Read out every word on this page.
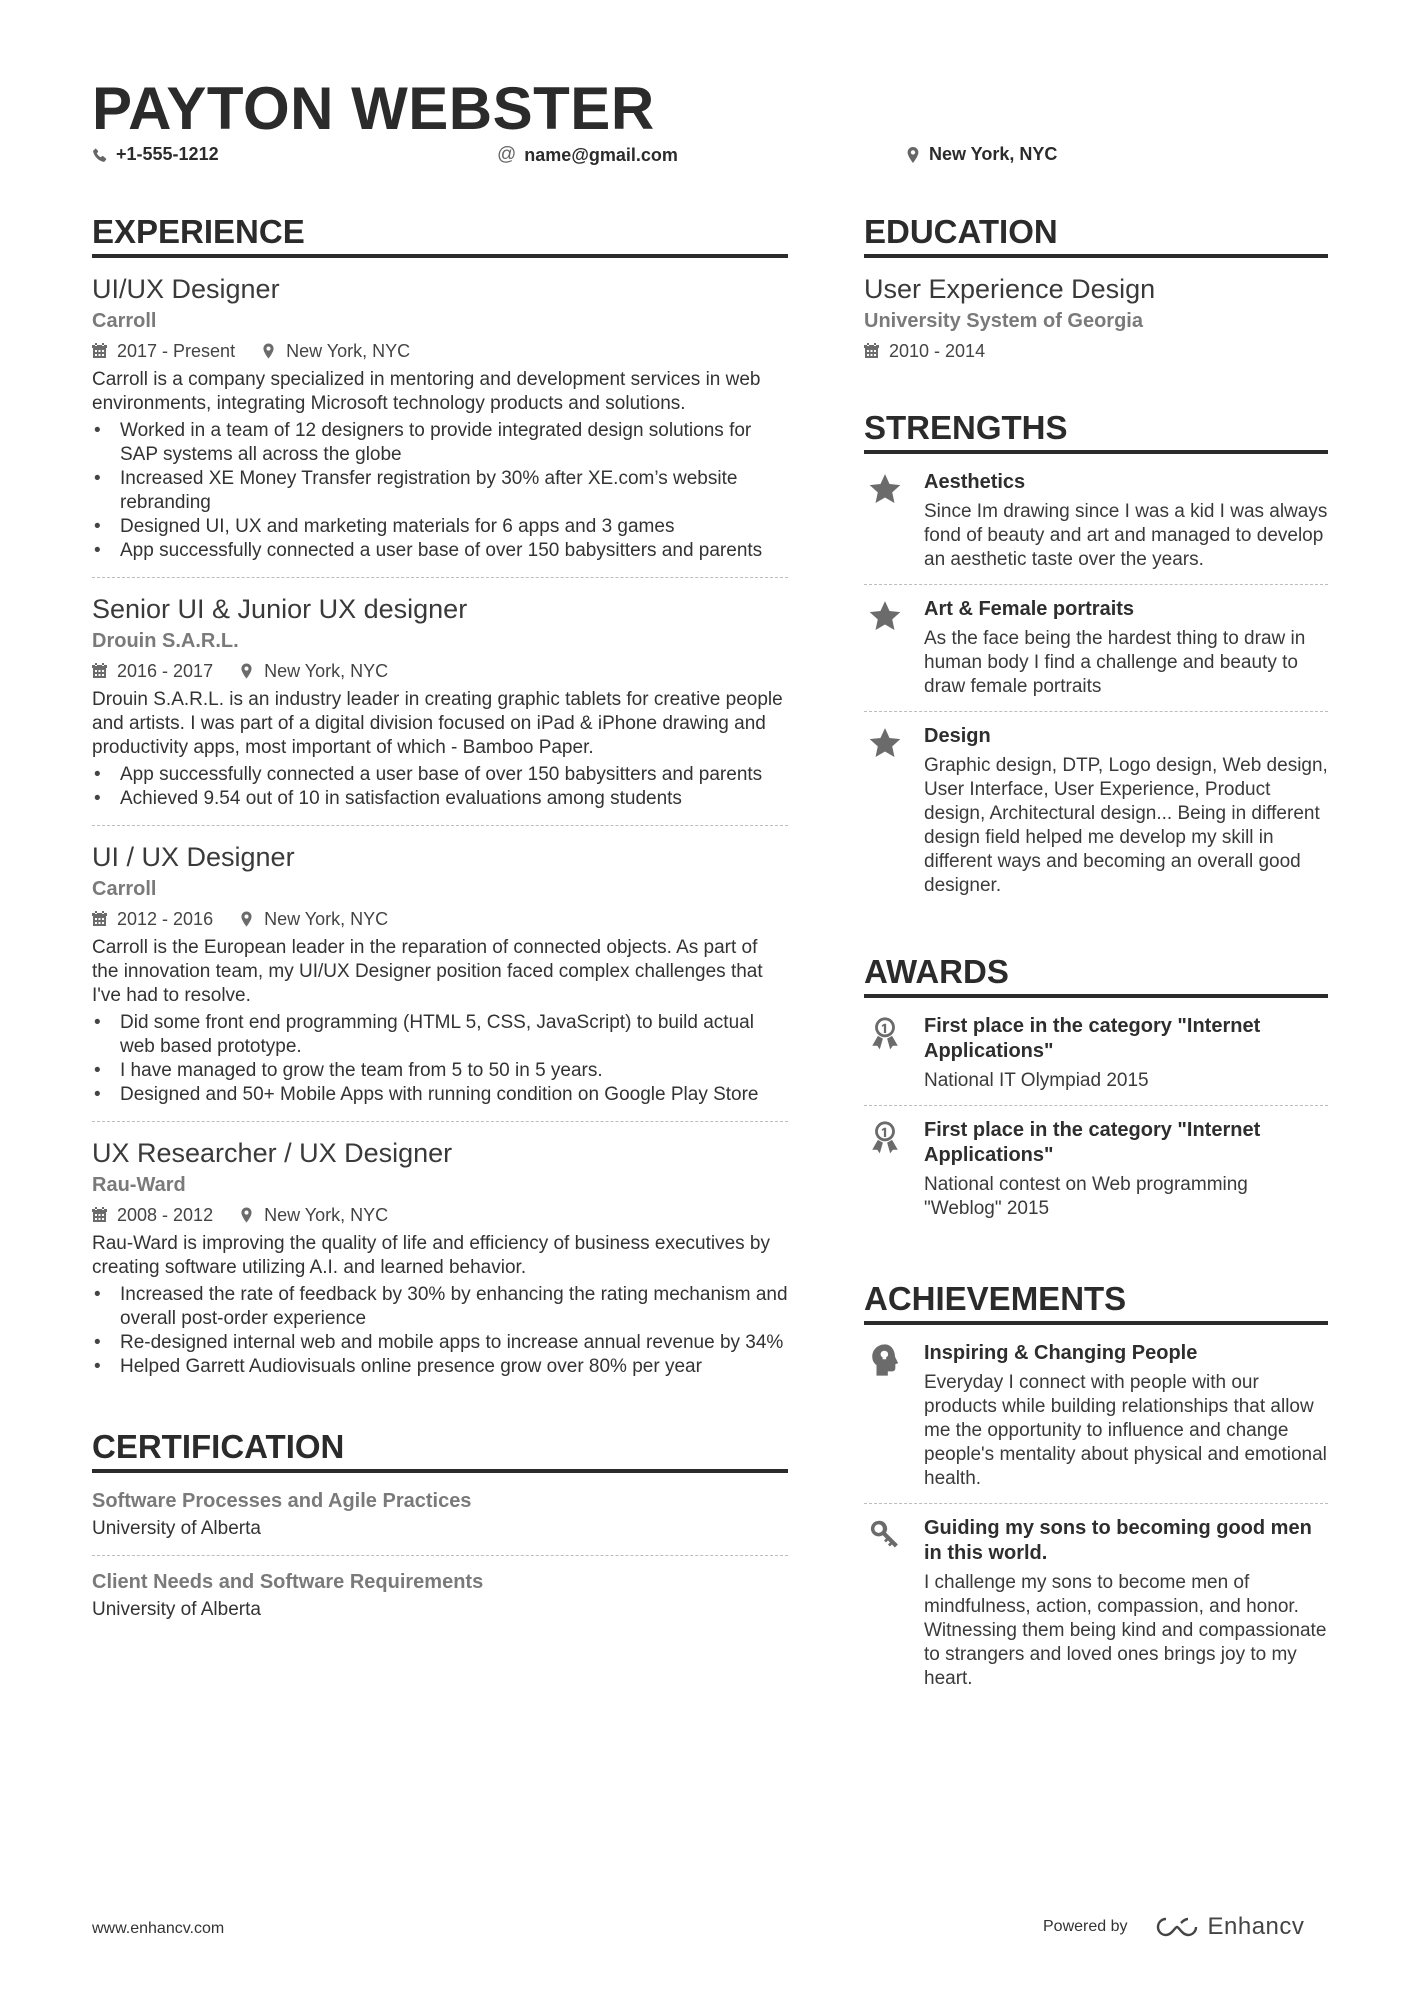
PAYTON WEBSTER
+1-555-1212	@ name@gmail.com	New York, NYC
EXPERIENCE
UI/UX Designer
Carroll
2017 - Present	New York, NYC
Carroll is a company specialized in mentoring and development services in web environments, integrating Microsoft technology products and solutions.
• Worked in a team of 12 designers to provide integrated design solutions for SAP systems all across the globe
• Increased XE Money Transfer registration by 30% after XE.com’s website rebranding
• Designed UI, UX and marketing materials for 6 apps and 3 games
• App successfully connected a user base of over 150 babysitters and parents
Senior UI & Junior UX designer
Drouin S.A.R.L.
2016 - 2017	New York, NYC
Drouin S.A.R.L. is an industry leader in creating graphic tablets for creative people and artists. I was part of a digital division focused on iPad & iPhone drawing and productivity apps, most important of which - Bamboo Paper.
• App successfully connected a user base of over 150 babysitters and parents
• Achieved 9.54 out of 10 in satisfaction evaluations among students
UI / UX Designer
Carroll
2012 - 2016	New York, NYC
Carroll is the European leader in the reparation of connected objects. As part of the innovation team, my UI/UX Designer position faced complex challenges that I've had to resolve.
• Did some front end programming (HTML 5, CSS, JavaScript) to build actual web based prototype.
• I have managed to grow the team from 5 to 50 in 5 years.
• Designed and 50+ Mobile Apps with running condition on Google Play Store
UX Researcher / UX Designer
Rau-Ward
2008 - 2012	New York, NYC
Rau-Ward is improving the quality of life and efficiency of business executives by creating software utilizing A.I. and learned behavior.
• Increased the rate of feedback by 30% by enhancing the rating mechanism and overall post-order experience
• Re-designed internal web and mobile apps to increase annual revenue by 34%
• Helped Garrett Audiovisuals online presence grow over 80% per year
CERTIFICATION
Software Processes and Agile Practices
University of Alberta
Client Needs and Software Requirements
University of Alberta
EDUCATION
User Experience Design
University System of Georgia
2010 - 2014
STRENGTHS
Aesthetics
Since Im drawing since I was a kid I was always fond of beauty and art and managed to develop an aesthetic taste over the years.
Art & Female portraits
As the face being the hardest thing to draw in human body I find a challenge and beauty to draw female portraits
Design
Graphic design, DTP, Logo design, Web design, User Interface, User Experience, Product design, Architectural design... Being in different design field helped me develop my skill in different ways and becoming an overall good designer.
AWARDS
First place in the category "Internet Applications"
National IT Olympiad 2015
First place in the category "Internet Applications"
National contest on Web programming "Weblog" 2015
ACHIEVEMENTS
Inspiring & Changing People
Everyday I connect with people with our products while building relationships that allow me the opportunity to influence and change people's mentality about physical and emotional health.
Guiding my sons to becoming good men in this world.
I challenge my sons to become men of mindfulness, action, compassion, and honor. Witnessing them being kind and compassionate to strangers and loved ones brings joy to my heart.
www.enhancv.com	Powered by	Enhancv
